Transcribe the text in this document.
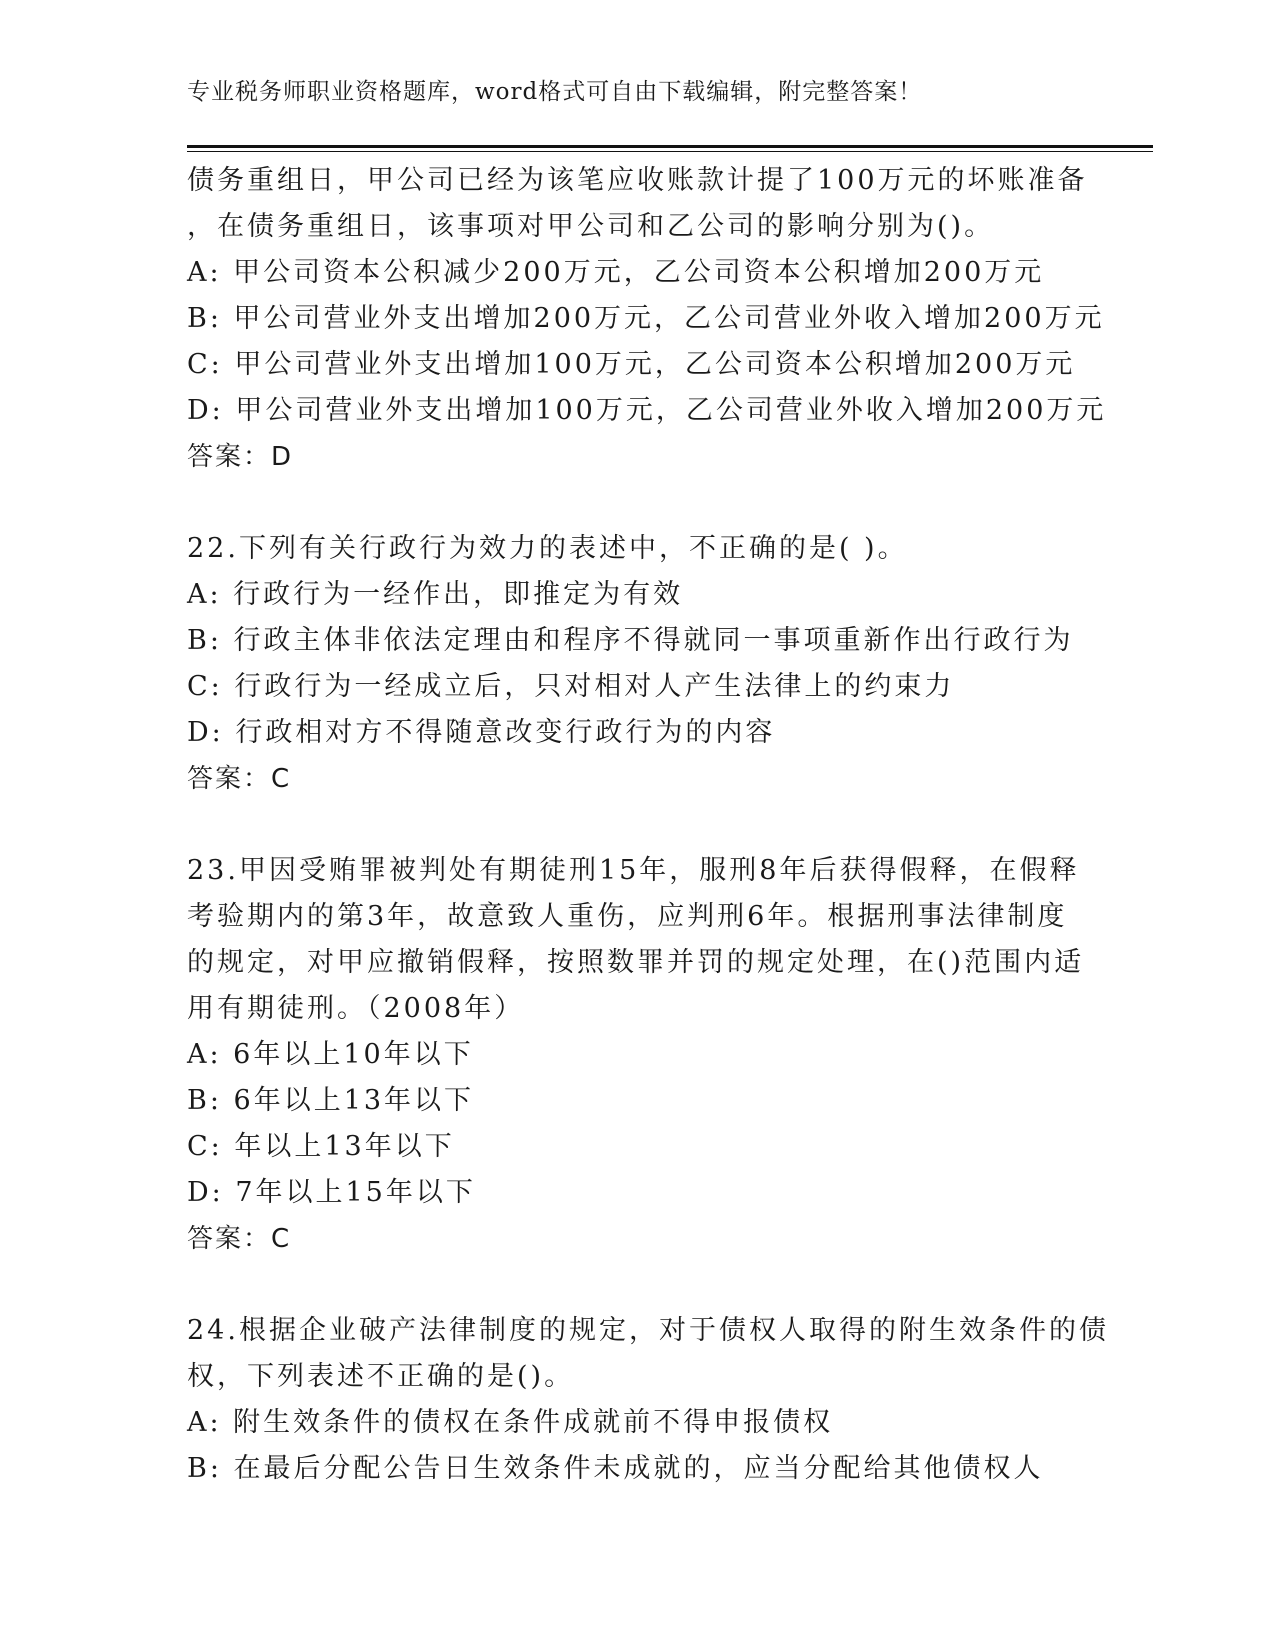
专业税务师职业资格题库，word格式可自由下载编辑，附完整答案！
债务重组日，甲公司已经为该笔应收账款计提了100万元的坏账准备
，在债务重组日，该事项对甲公司和乙公司的影响分别为()。
A: 甲公司资本公积减少200万元，乙公司资本公积增加200万元
B: 甲公司营业外支出增加200万元，乙公司营业外收入增加200万元
C: 甲公司营业外支出增加100万元，乙公司资本公积增加200万元
D: 甲公司营业外支出增加100万元，乙公司营业外收入增加200万元
答案：D
22.下列有关行政行为效力的表述中，不正确的是( )。
A: 行政行为一经作出，即推定为有效
B: 行政主体非依法定理由和程序不得就同一事项重新作出行政行为
C: 行政行为一经成立后，只对相对人产生法律上的约束力
D: 行政相对方不得随意改变行政行为的内容
答案：C
23.甲因受贿罪被判处有期徒刑15年，服刑8年后获得假释，在假释
考验期内的第3年，故意致人重伤，应判刑6年。根据刑事法律制度
的规定，对甲应撤销假释，按照数罪并罚的规定处理，在()范围内适
用有期徒刑。（2008年）
A: 6年以上10年以下
B: 6年以上13年以下
C: 年以上13年以下
D: 7年以上15年以下
答案：C
24.根据企业破产法律制度的规定，对于债权人取得的附生效条件的债
权，下列表述不正确的是()。
A: 附生效条件的债权在条件成就前不得申报债权
B: 在最后分配公告日生效条件未成就的，应当分配给其他债权人
